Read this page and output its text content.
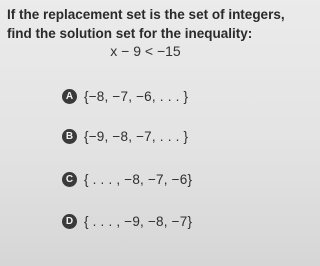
If the replacement set is the set of integers, find the solution set for the inequality:
x − 9 < −15
A {−8, −7, −6, . . . }
B {−9, −8, −7, . . . }
C { . . . , −8, −7, −6}
D { . . . , −9, −8, −7}
